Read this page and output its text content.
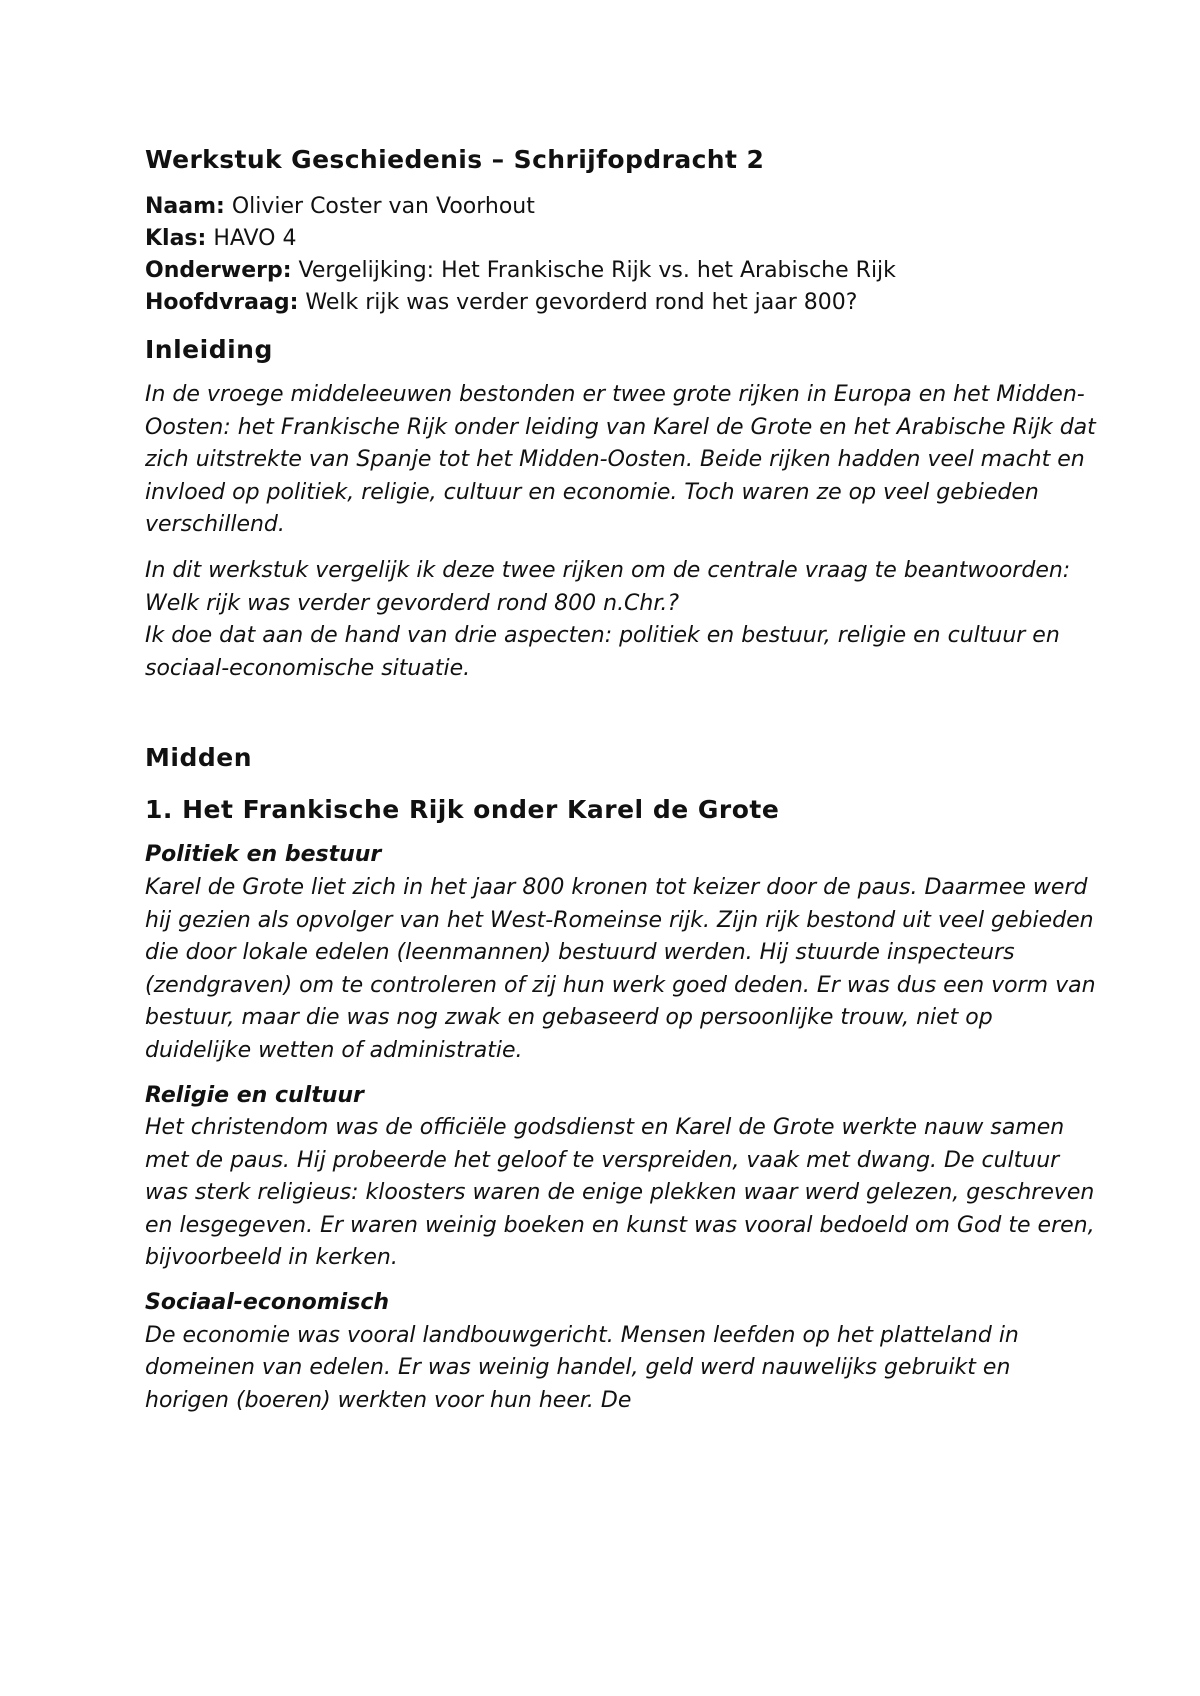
Werkstuk Geschiedenis – Schrijfopdracht 2

Naam: Olivier Coster van Voorhout

Klas: HAVO 4

Onderwerp: Vergelijking: Het Frankische Rijk vs. het Arabische Rijk

Hoofdvraag: Welk rijk was verder gevorderd rond het jaar 800?

Inleiding

In de vroege middeleeuwen bestonden er twee grote rijken in Europa en het Midden-Oosten: het Frankische Rijk onder leiding van Karel de Grote en het Arabische Rijk dat zich uitstrekte van Spanje tot het Midden-Oosten. Beide rijken hadden veel macht en invloed op politiek, religie, cultuur en economie. Toch waren ze op veel gebieden verschillend.

In dit werkstuk vergelijk ik deze twee rijken om de centrale vraag te beantwoorden:
Welk rijk was verder gevorderd rond 800 n.Chr.?
Ik doe dat aan de hand van drie aspecten: politiek en bestuur, religie en cultuur en sociaal-economische situatie.

Midden
1. Het Frankische Rijk onder Karel de Grote

Politiek en bestuur

Karel de Grote liet zich in het jaar 800 kronen tot keizer door de paus. Daarmee werd hij gezien als opvolger van het West-Romeinse rijk. Zijn rijk bestond uit veel gebieden die door lokale edelen (leenmannen) bestuurd werden. Hij stuurde inspecteurs (zendgraven) om te controleren of zij hun werk goed deden. Er was dus een vorm van bestuur, maar die was nog zwak en gebaseerd op persoonlijke trouw, niet op duidelijke wetten of administratie.

Religie en cultuur

Het christendom was de officiële godsdienst en Karel de Grote werkte nauw samen met de paus. Hij probeerde het geloof te verspreiden, vaak met dwang. De cultuur was sterk religieus: kloosters waren de enige plekken waar werd gelezen, geschreven en lesgegeven. Er waren weinig boeken en kunst was vooral bedoeld om God te eren, bijvoorbeeld in kerken.

Sociaal-economisch

De economie was vooral landbouwgericht. Mensen leefden op het platteland in domeinen van edelen. Er was weinig handel, geld werd nauwelijks gebruikt en horigen (boeren) werkten voor hun heer. De
